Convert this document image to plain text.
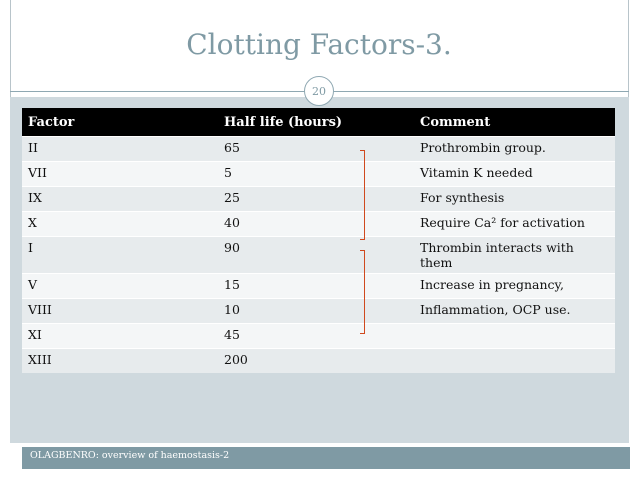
Clotting Factors-3.
20
Factor	Half life (hours)	Comment
II	65	Prothrombin group.
VII	5	Vitamin K needed
IX	25	For synthesis
X	40	Require Ca² for activation
I	90	Thrombin interacts with them
V	15	Increase in pregnancy,
VIII	10	Inflammation, OCP use.
XI	45	
XIII	200	
OLAGBENRO: overview of haemostasis-2
